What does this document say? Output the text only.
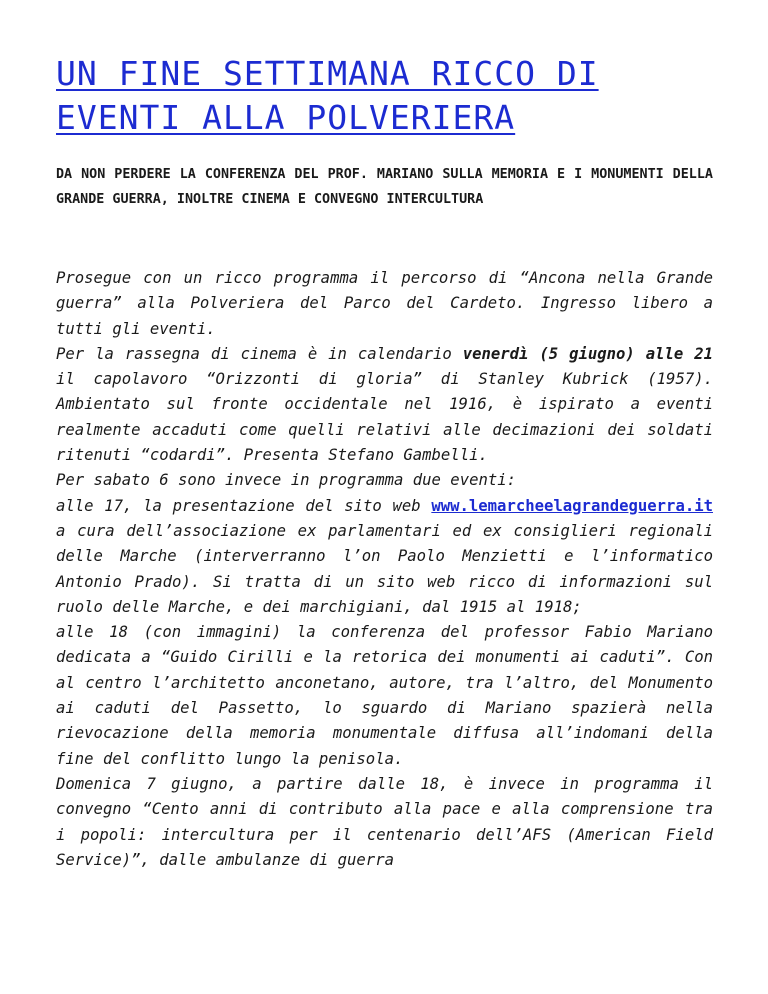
UN FINE SETTIMANA RICCO DI EVENTI ALLA POLVERIERA
DA NON PERDERE LA CONFERENZA DEL PROF. MARIANO SULLA MEMORIA E I MONUMENTI DELLA GRANDE GUERRA, INOLTRE CINEMA E CONVEGNO INTERCULTURA

Prosegue con un ricco programma il percorso di “Ancona nella Grande guerra” alla Polveriera del Parco del Cardeto. Ingresso libero a tutti gli eventi.

Per la rassegna di cinema è in calendario venerdì (5 giugno) alle 21 il capolavoro “Orizzonti di gloria” di Stanley Kubrick (1957). Ambientato sul fronte occidentale nel 1916, è ispirato a eventi realmente accaduti come quelli relativi alle decimazioni dei soldati ritenuti “codardi”. Presenta Stefano Gambelli.

Per sabato 6 sono invece in programma due eventi:

alle 17, la presentazione del sito web www.lemarcheelagrandeguerra.it a cura dell’associazione ex parlamentari ed ex consiglieri regionali delle Marche (interverranno l’on Paolo Menzietti e l’informatico Antonio Prado). Si tratta di un sito web ricco di informazioni sul ruolo delle Marche, e dei marchigiani, dal 1915 al 1918;

alle 18 (con immagini) la conferenza del professor Fabio Mariano dedicata a “Guido Cirilli e la retorica dei monumenti ai caduti”. Con al centro l’architetto anconetano, autore, tra l’altro, del Monumento ai caduti del Passetto, lo sguardo di Mariano spazierà nella rievocazione della memoria monumentale diffusa all’indomani della fine del conflitto lungo la penisola.

Domenica 7 giugno, a partire dalle 18, è invece in programma il convegno “Cento anni di contributo alla pace e alla comprensione tra i popoli: intercultura per il centenario dell’AFS (American Field Service)”, dalle ambulanze di guerra
